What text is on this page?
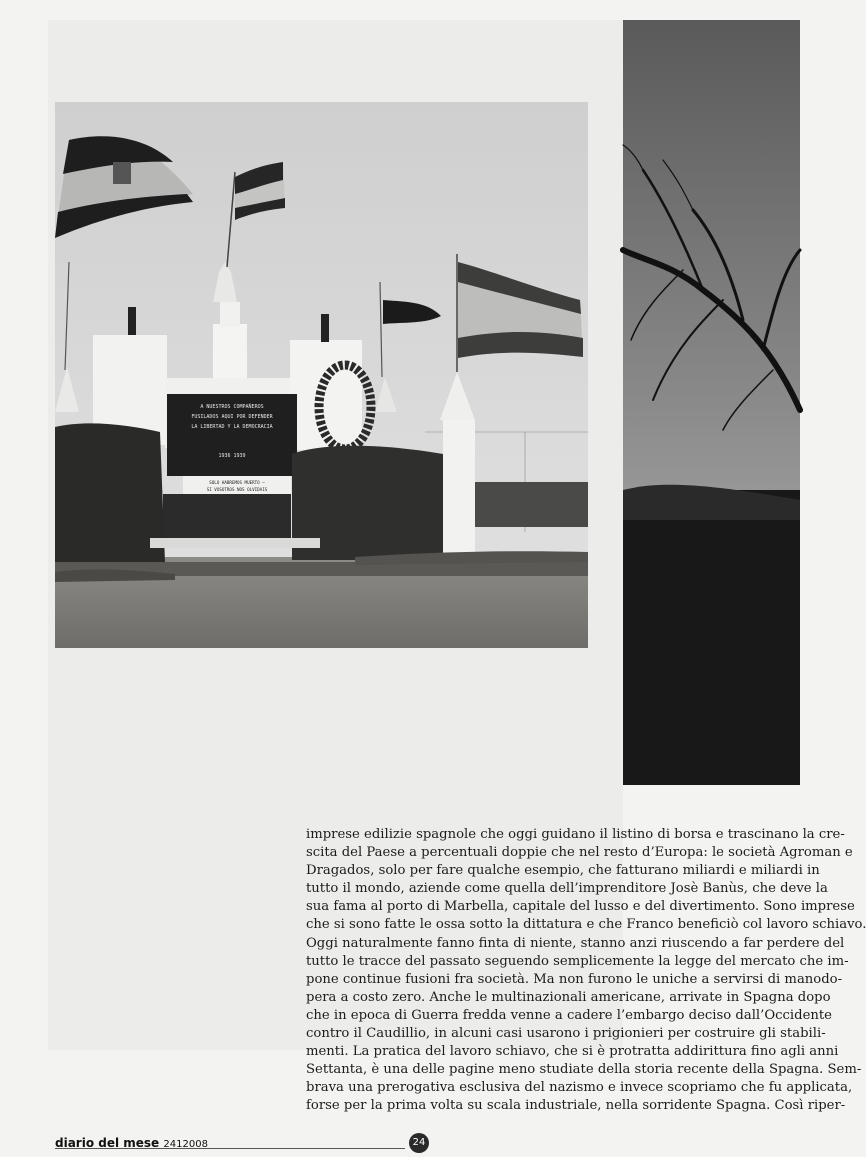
A NUESTROS COMPAÑEROS
FUSILADOS AQUI POR DEFENDER
LA LIBERTAD Y LA DEMOCRACIA
1936 1939
SOLO HABREMOS MUERTO —
SI VOSOTROS NOS OLVIDAIS

imprese edilizie spagnole che oggi guidano il listino di borsa e trascinano la cre-
scita del Paese a percentuali doppie che nel resto d’Europa: le società Agroman e
Dragados, solo per fare qualche esempio, che fatturano miliardi e miliardi in
tutto il mondo, aziende come quella dell’imprenditore Josè Banùs, che deve la
sua fama al porto di Marbella, capitale del lusso e del divertimento. Sono imprese
che si sono fatte le ossa sotto la dittatura e che Franco beneficiò col lavoro schiavo.
Oggi naturalmente fanno finta di niente, stanno anzi riuscendo a far perdere del
tutto le tracce del passato seguendo semplicemente la legge del mercato che im-
pone continue fusioni fra società. Ma non furono le uniche a servirsi di manodo-
pera a costo zero. Anche le multinazionali americane, arrivate in Spagna dopo
che in epoca di Guerra fredda venne a cadere l’embargo deciso dall’Occidente
contro il Caudillio, in alcuni casi usarono i prigionieri per costruire gli stabili-
menti. La pratica del lavoro schiavo, che si è protratta addirittura fino agli anni
Settanta, è una delle pagine meno studiate della storia recente della Spagna. Sem-
brava una prerogativa esclusiva del nazismo e invece scopriamo che fu applicata,
forse per la prima volta su scala industriale, nella sorridente Spagna. Così riper-

diario del mese 2412008	24
